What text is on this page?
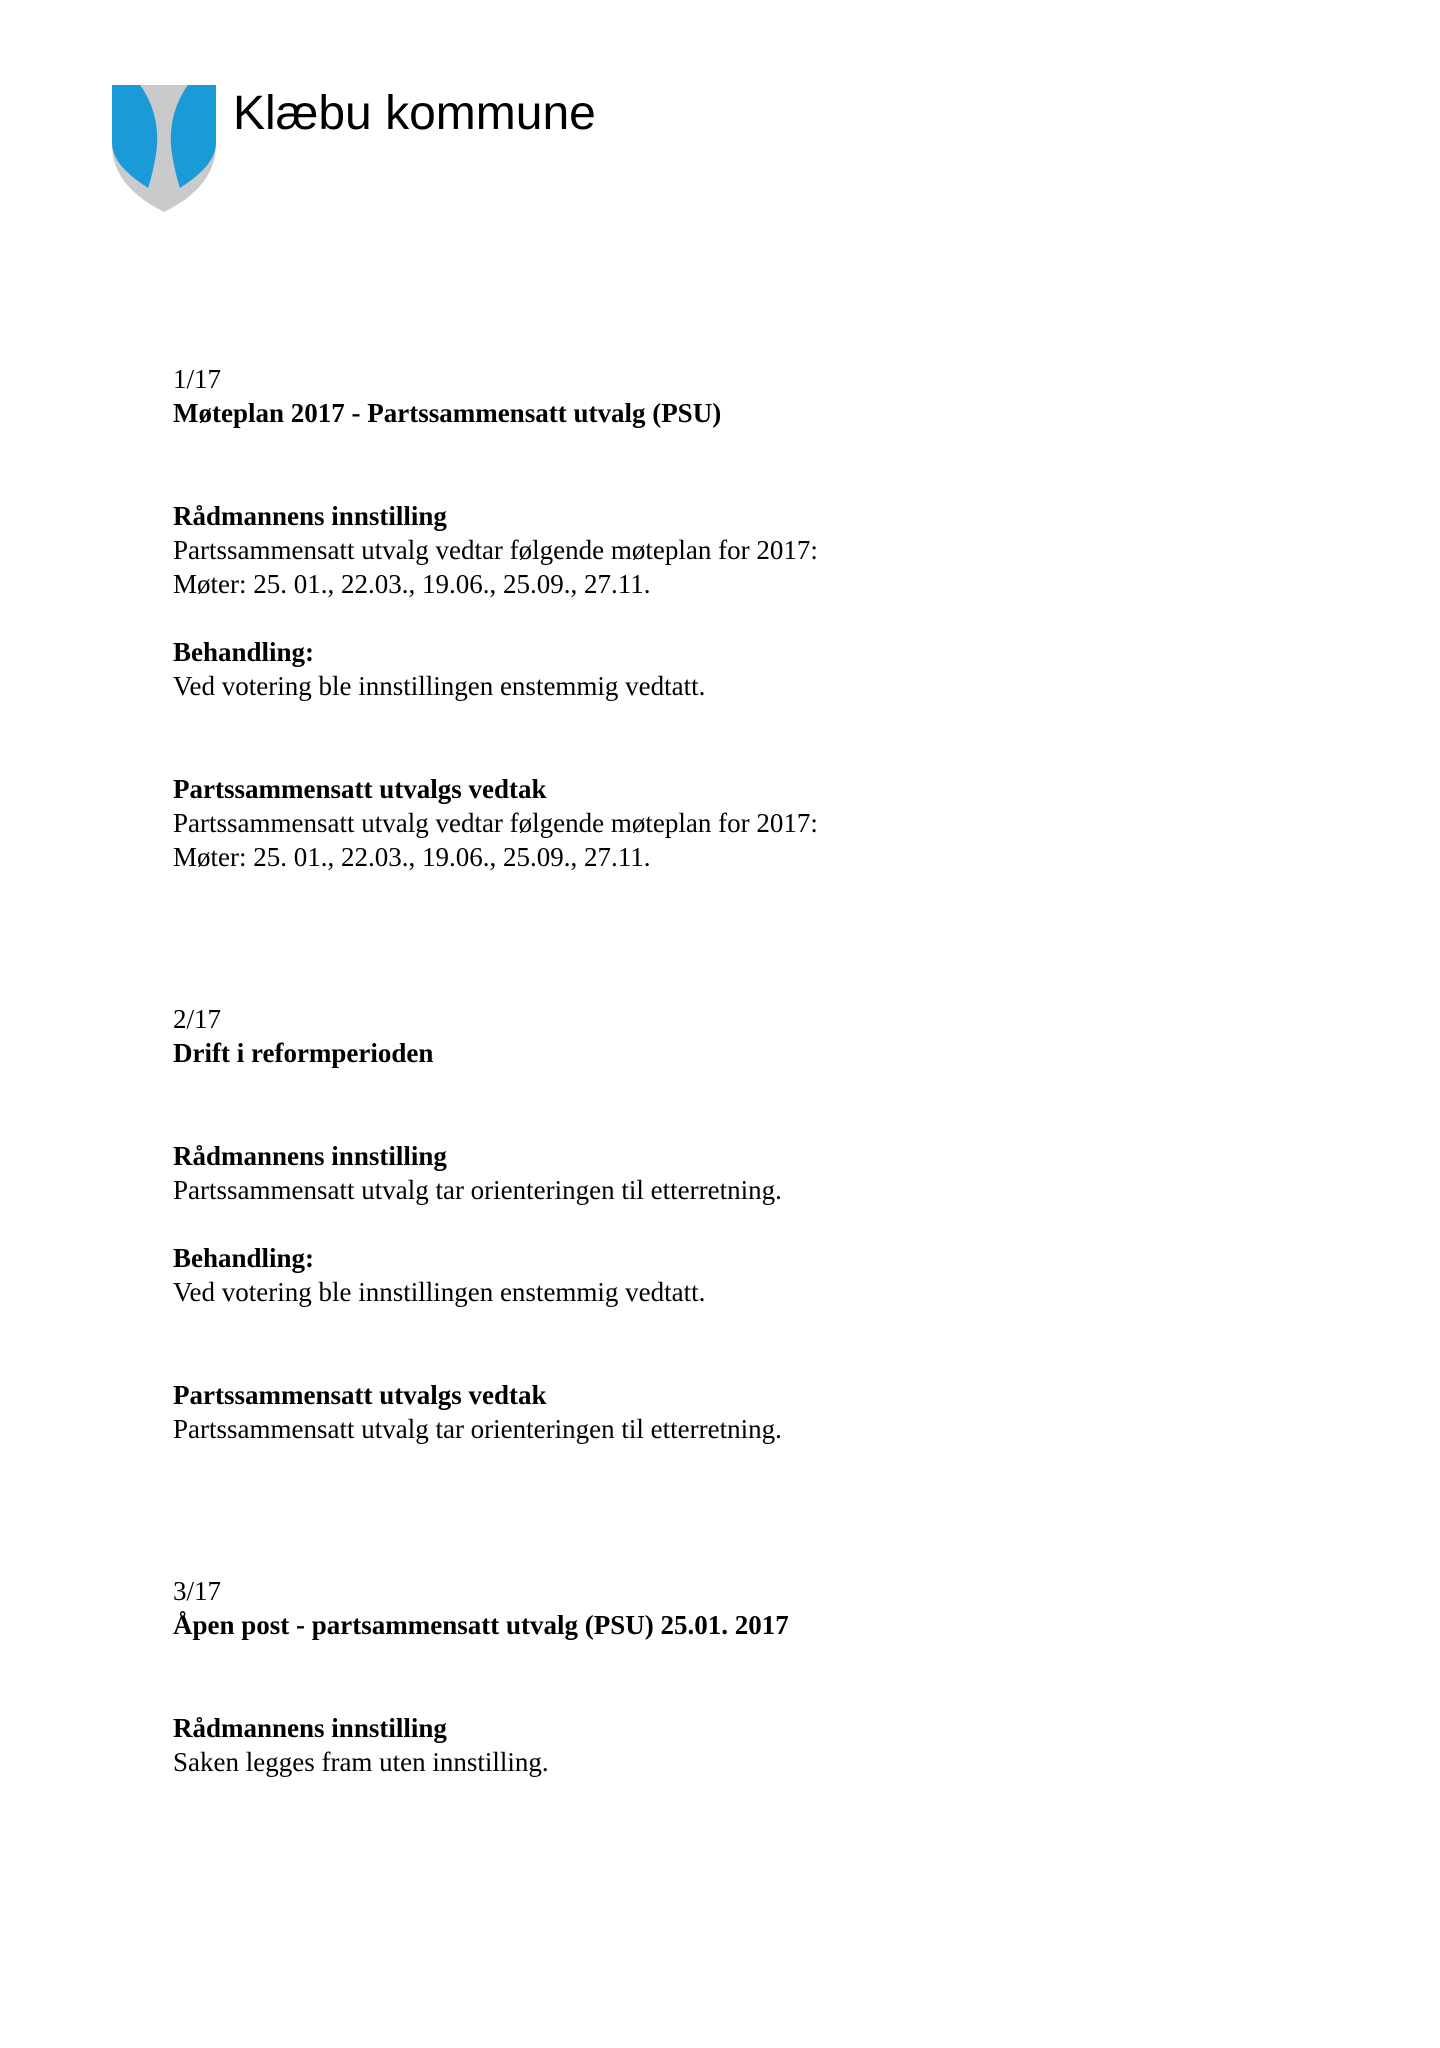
Klæbu kommune

1/17

Møteplan 2017 - Partssammensatt utvalg (PSU)

Rådmannens innstilling

Partssammensatt utvalg vedtar følgende møteplan for 2017:
Møter: 25. 01., 22.03., 19.06., 25.09., 27.11.

Behandling:

Ved votering ble innstillingen enstemmig vedtatt.

Partssammensatt utvalgs vedtak

Partssammensatt utvalg vedtar følgende møteplan for 2017:
Møter: 25. 01., 22.03., 19.06., 25.09., 27.11.

2/17

Drift i reformperioden

Rådmannens innstilling

Partssammensatt utvalg tar orienteringen til etterretning.

Behandling:

Ved votering ble innstillingen enstemmig vedtatt.

Partssammensatt utvalgs vedtak

Partssammensatt utvalg tar orienteringen til etterretning.

3/17

Åpen post - partsammensatt utvalg (PSU) 25.01. 2017

Rådmannens innstilling

Saken legges fram uten innstilling.
